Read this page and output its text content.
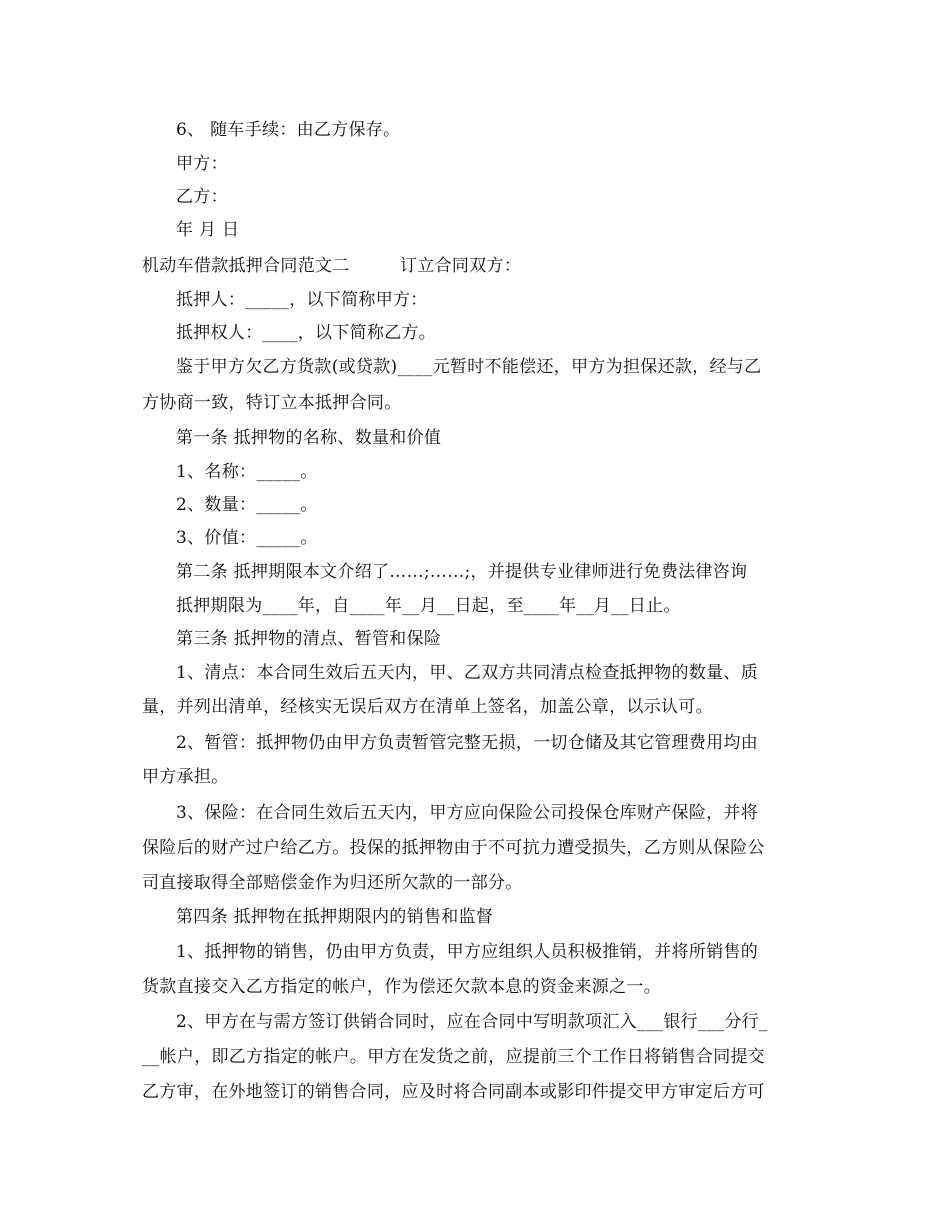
6、 随车手续：由乙方保存。
甲方：
乙方：
年 月 日
机动车借款抵押合同范文二	订立合同双方：
抵押人：_____，以下简称甲方：
抵押权人：____，以下简称乙方。
鉴于甲方欠乙方货款(或贷款)____元暂时不能偿还，甲方为担保还款，经与乙
方协商一致，特订立本抵押合同。
第一条 抵押物的名称、数量和价值
1、名称：_____。
2、数量：_____。
3、价值：_____。
第二条 抵押期限本文介绍了……;……;，并提供专业律师进行免费法律咨询
抵押期限为____年，自____年__月__日起，至____年__月__日止。
第三条 抵押物的清点、暂管和保险
1、清点：本合同生效后五天内，甲、乙双方共同清点检查抵押物的数量、质
量，并列出清单，经核实无误后双方在清单上签名，加盖公章，以示认可。
2、暂管：抵押物仍由甲方负责暂管完整无损，一切仓储及其它管理费用均由
甲方承担。
3、保险：在合同生效后五天内，甲方应向保险公司投保仓库财产保险，并将
保险后的财产过户给乙方。投保的抵押物由于不可抗力遭受损失，乙方则从保险公
司直接取得全部赔偿金作为归还所欠款的一部分。
第四条 抵押物在抵押期限内的销售和监督
1、抵押物的销售，仍由甲方负责，甲方应组织人员积极推销，并将所销售的
货款直接交入乙方指定的帐户，作为偿还欠款本息的资金来源之一。
2、甲方在与需方签订供销合同时，应在合同中写明款项汇入___银行___分行_
__帐户，即乙方指定的帐户。甲方在发货之前，应提前三个工作日将销售合同提交
乙方审，在外地签订的销售合同，应及时将合同副本或影印件提交甲方审定后方可
